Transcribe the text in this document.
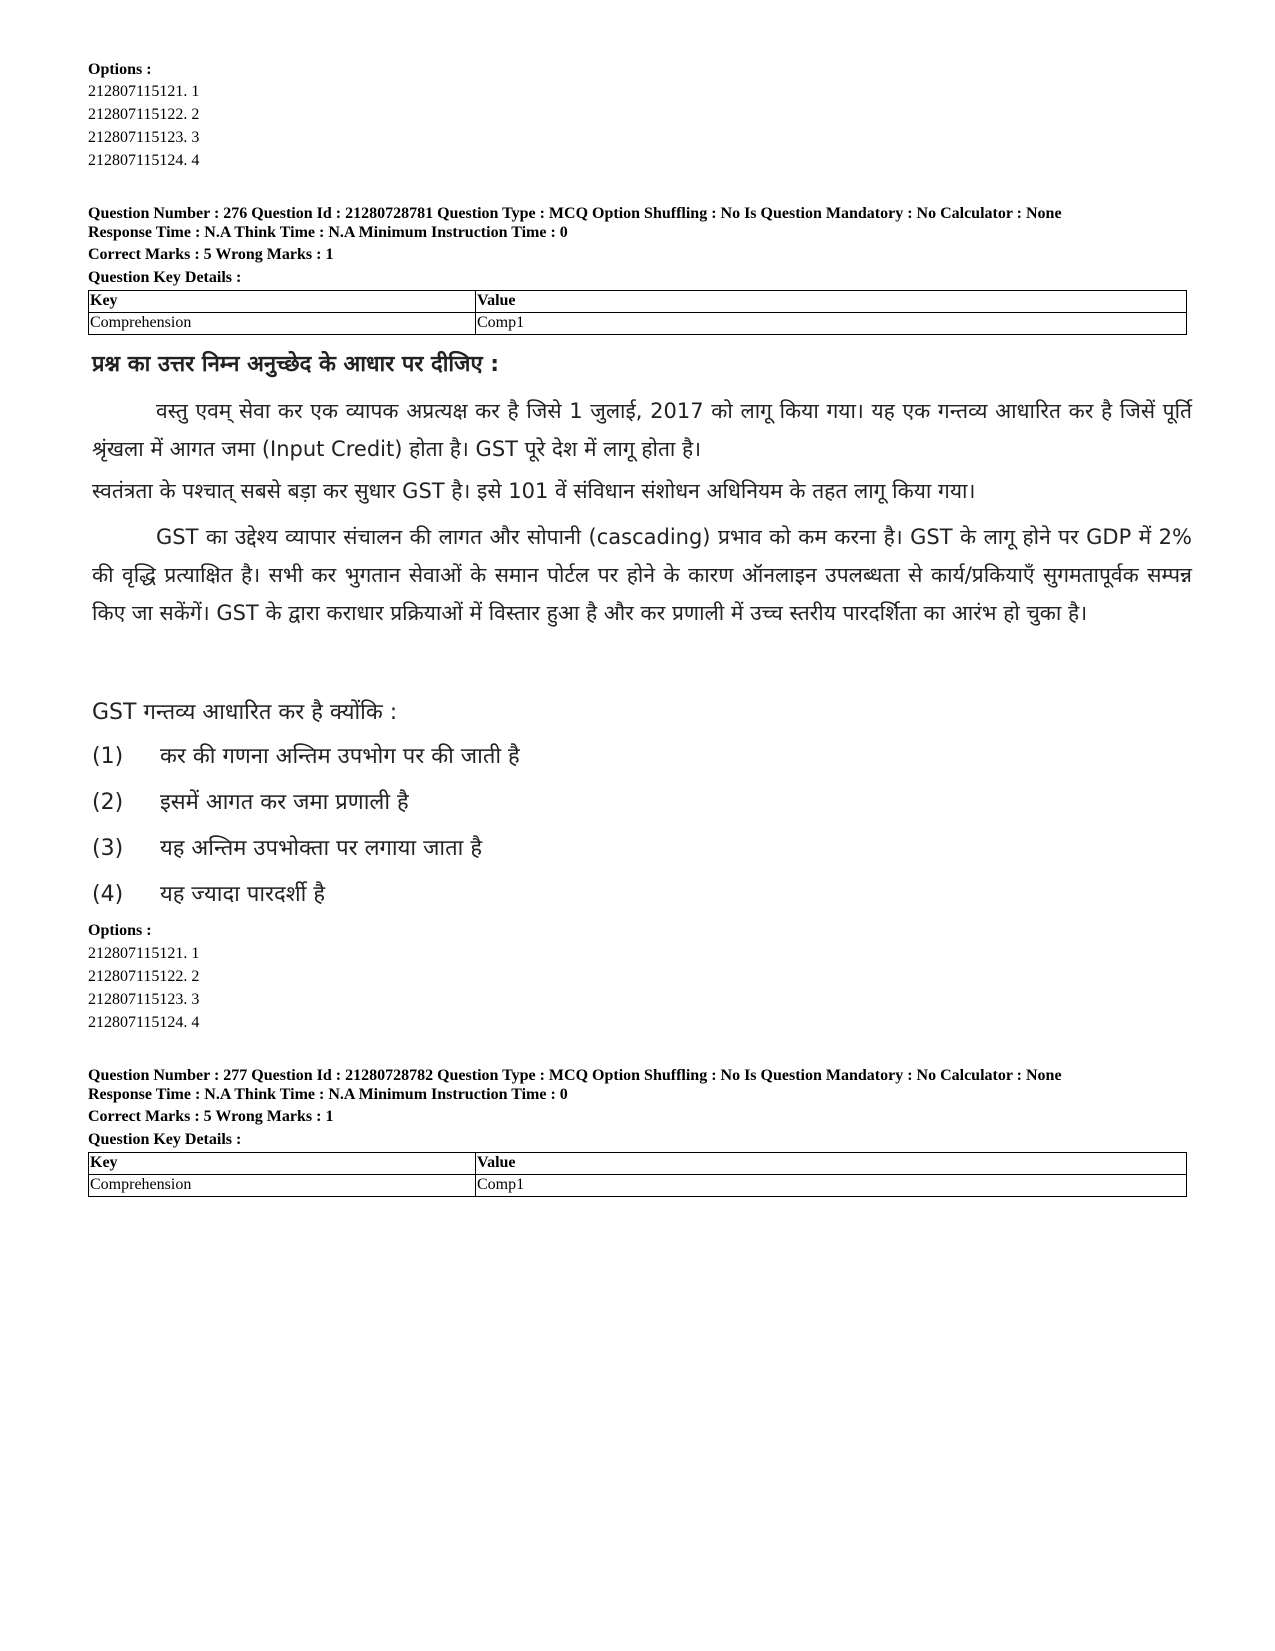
Options :
212807115121. 1
212807115122. 2
212807115123. 3
212807115124. 4
Question Number : 276 Question Id : 21280728781 Question Type : MCQ Option Shuffling : No Is Question Mandatory : No Calculator : None
Response Time : N.A Think Time : N.A Minimum Instruction Time : 0
Correct Marks : 5 Wrong Marks : 1
Question Key Details :
Key	Value
Comprehension	Comp1
प्रश्न का उत्तर निम्न अनुच्छेद के आधार पर दीजिए :
वस्तु एवम् सेवा कर एक व्यापक अप्रत्यक्ष कर है जिसे 1 जुलाई, 2017 को लागू किया गया। यह एक गन्तव्य आधारित कर है जिसें पूर्ति श्रृंखला में आगत जमा (Input Credit) होता है। GST पूरे देश में लागू होता है।
स्वतंत्रता के पश्चात् सबसे बड़ा कर सुधार GST है। इसे 101 वें संविधान संशोधन अधिनियम के तहत लागू किया गया।
GST का उद्देश्य व्यापार संचालन की लागत और सोपानी (cascading) प्रभाव को कम करना है। GST के लागू होने पर GDP में 2% की वृद्धि प्रत्याक्षित है। सभी कर भुगतान सेवाओं के समान पोर्टल पर होने के कारण ऑनलाइन उपलब्धता से कार्य/प्रकियाएँ सुगमतापूर्वक सम्पन्न किए जा सकेंगें। GST के द्वारा कराधार प्रक्रियाओं में विस्तार हुआ है और कर प्रणाली में उच्च स्तरीय पारदर्शिता का आरंभ हो चुका है।
GST गन्तव्य आधारित कर है क्योंकि :
(1) कर की गणना अन्तिम उपभोग पर की जाती है
(2) इसमें आगत कर जमा प्रणाली है
(3) यह अन्तिम उपभोक्ता पर लगाया जाता है
(4) यह ज्यादा पारदर्शी है
Options :
212807115121. 1
212807115122. 2
212807115123. 3
212807115124. 4
Question Number : 277 Question Id : 21280728782 Question Type : MCQ Option Shuffling : No Is Question Mandatory : No Calculator : None
Response Time : N.A Think Time : N.A Minimum Instruction Time : 0
Correct Marks : 5 Wrong Marks : 1
Question Key Details :
Key	Value
Comprehension	Comp1
